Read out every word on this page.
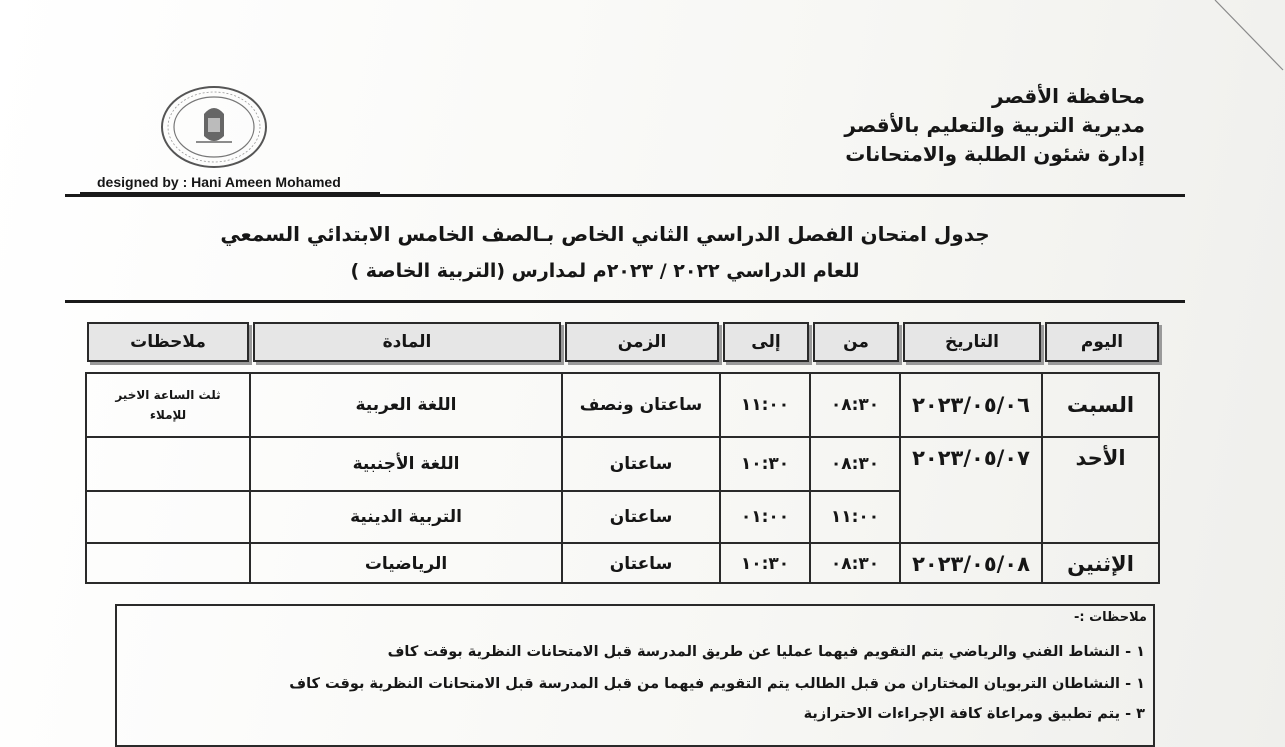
محافظة الأقصر
مديرية التربية والتعليم بالأقصر
إدارة شئون الطلبة والامتحانات
designed by : Hani Ameen Mohamed
جدول امتحان الفصل الدراسي الثاني الخاص بـالصف الخامس الابتدائي السمعي
للعام الدراسي ٢٠٢٢ / ٢٠٢٣م لمدارس (التربية الخاصة )
اليوم
التاريخ
من
إلى
الزمن
المادة
ملاحظات
السبت
٢٠٢٣/٠٥/٠٦
٠٨:٣٠
١١:٠٠
ساعتان ونصف
اللغة العربية
ثلث الساعة الاخير
للإملاء
الأحد
٢٠٢٣/٠٥/٠٧
٠٨:٣٠
١٠:٣٠
ساعتان
اللغة الأجنبية
١١:٠٠
٠١:٠٠
ساعتان
التربية الدينية
الإثنين
٢٠٢٣/٠٥/٠٨
٠٨:٣٠
١٠:٣٠
ساعتان
الرياضيات
ملاحظات :-
١ - النشاط الفني والرياضي يتم التقويم فيهما عمليا عن طريق المدرسة قبل الامتحانات النظرية بوقت كاف
١ - النشاطان التربويان المختاران من قبل الطالب يتم التقويم فيهما من قبل المدرسة قبل الامتحانات النظرية بوقت كاف
٣ - يتم تطبيق ومراعاة كافة الإجراءات الاحترازية
